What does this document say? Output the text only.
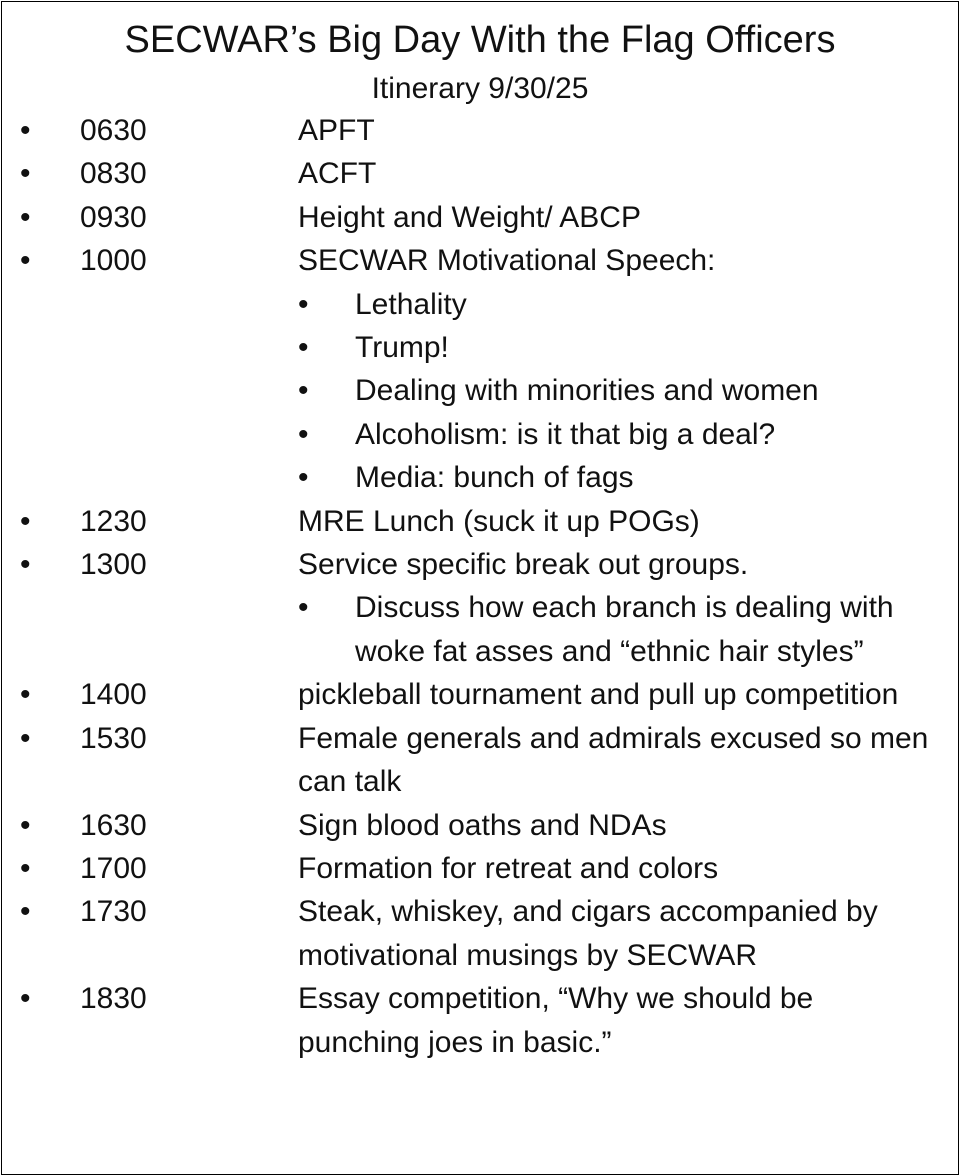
SECWAR’s Big Day With the Flag Officers
Itinerary 9/30/25
•	0630	APFT
•	0830	ACFT
•	0930	Height and Weight/ ABCP
•	1000	SECWAR Motivational Speech:
•	Lethality
•	Trump!
•	Dealing with minorities and women
•	Alcoholism: is it that big a deal?
•	Media: bunch of fags
•	1230	MRE Lunch (suck it up POGs)
•	1300	Service specific break out groups.
•	Discuss how each branch is dealing with woke fat asses and “ethnic hair styles”
•	1400	pickleball tournament and pull up competition
•	1530	Female generals and admirals excused so men can talk
•	1630	Sign blood oaths and NDAs
•	1700	Formation for retreat and colors
•	1730	Steak, whiskey, and cigars accompanied by motivational musings by SECWAR
•	1830	Essay competition, “Why we should be punching joes in basic.”
